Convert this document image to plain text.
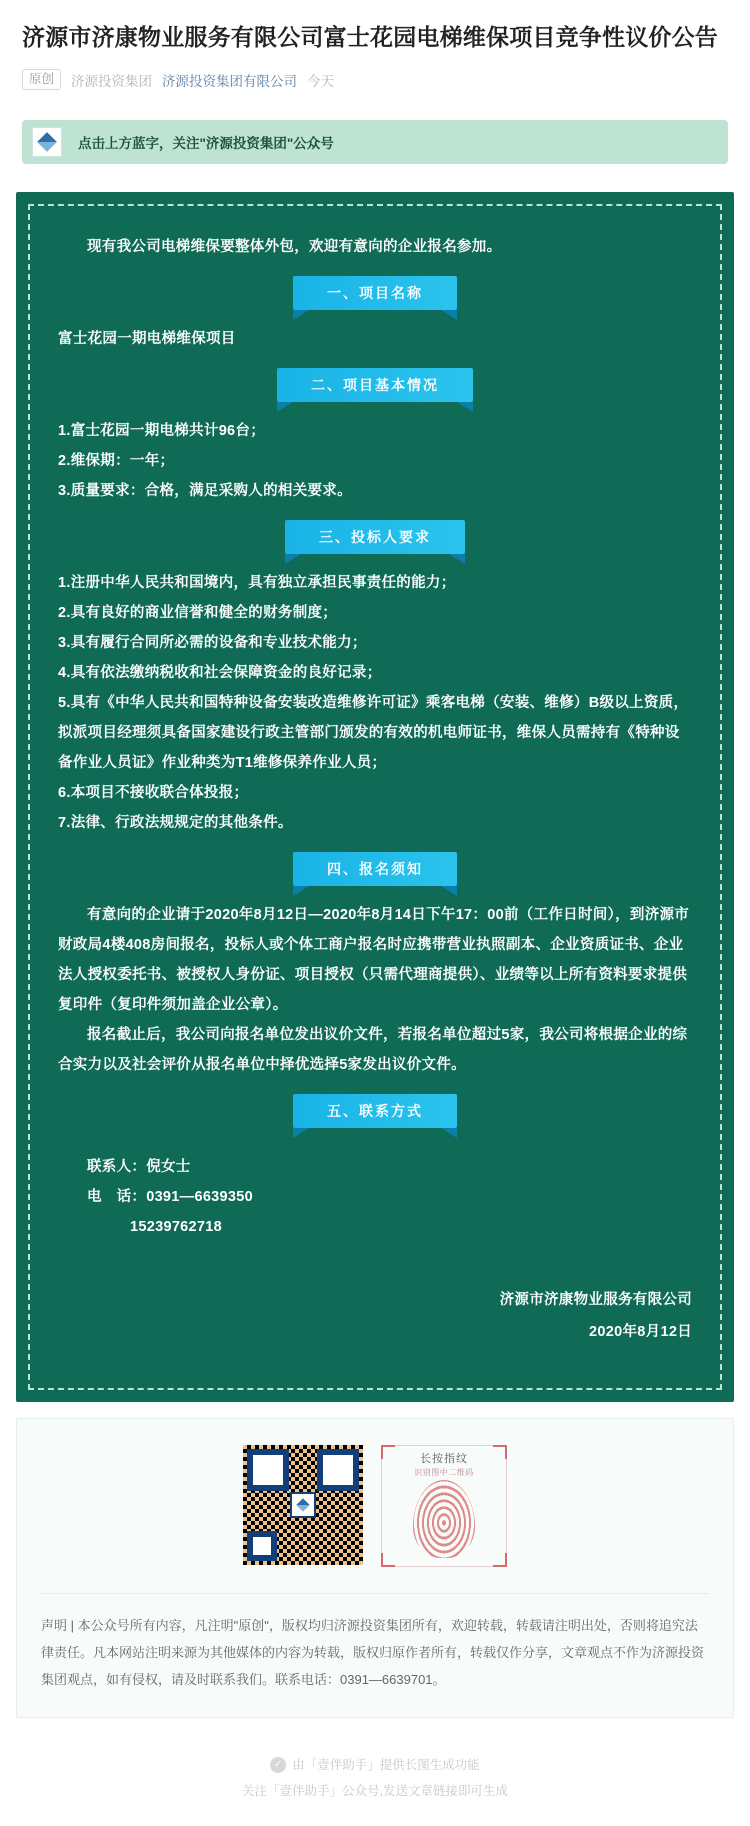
济源市济康物业服务有限公司富士花园电梯维保项目竞争性议价公告
原创	济源投资集团 济源投资集团有限公司 今天
点击上方蓝字，关注"济源投资集团"公众号

现有我公司电梯维保要整体外包，欢迎有意向的企业报名参加。

一、项目名称

富士花园一期电梯维保项目

二、项目基本情况

1.富士花园一期电梯共计96台；

2.维保期：一年；

3.质量要求：合格，满足采购人的相关要求。

三、投标人要求

1.注册中华人民共和国境内，具有独立承担民事责任的能力；

2.具有良好的商业信誉和健全的财务制度；

3.具有履行合同所必需的设备和专业技术能力；

4.具有依法缴纳税收和社会保障资金的良好记录；

5.具有《中华人民共和国特种设备安装改造维修许可证》乘客电梯（安装、维修）B级以上资质，拟派项目经理须具备国家建设行政主管部门颁发的有效的机电师证书，维保人员需持有《特种设备作业人员证》作业种类为T1维修保养作业人员；

6.本项目不接收联合体投报；

7.法律、行政法规规定的其他条件。

四、报名须知

有意向的企业请于2020年8月12日—2020年8月14日下午17：00前（工作日时间），到济源市财政局4楼408房间报名，投标人或个体工商户报名时应携带营业执照副本、企业资质证书、企业法人授权委托书、被授权人身份证、项目授权（只需代理商提供）、业绩等以上所有资料要求提供复印件（复印件须加盖企业公章）。

报名截止后，我公司向报名单位发出议价文件，若报名单位超过5家，我公司将根据企业的综合实力以及社会评价从报名单位中择优选择5家发出议价文件。

五、联系方式

联系人：倪女士

电　话：0391—6639350

15239762718

济源市济康物业服务有限公司

2020年8月12日

长按指纹
识别图中二维码
声明 | 本公众号所有内容，凡注明"原创"，版权均归济源投资集团所有，欢迎转载，转载请注明出处，否则将追究法律责任。凡本网站注明来源为其他媒体的内容为转载，版权归原作者所有，转载仅作分享，文章观点不作为济源投资集团观点，如有侵权，请及时联系我们。联系电话：0391—6639701。
✓ 由「壹伴助手」提供长图生成功能
关注「壹伴助手」公众号,发送文章链接即可生成
